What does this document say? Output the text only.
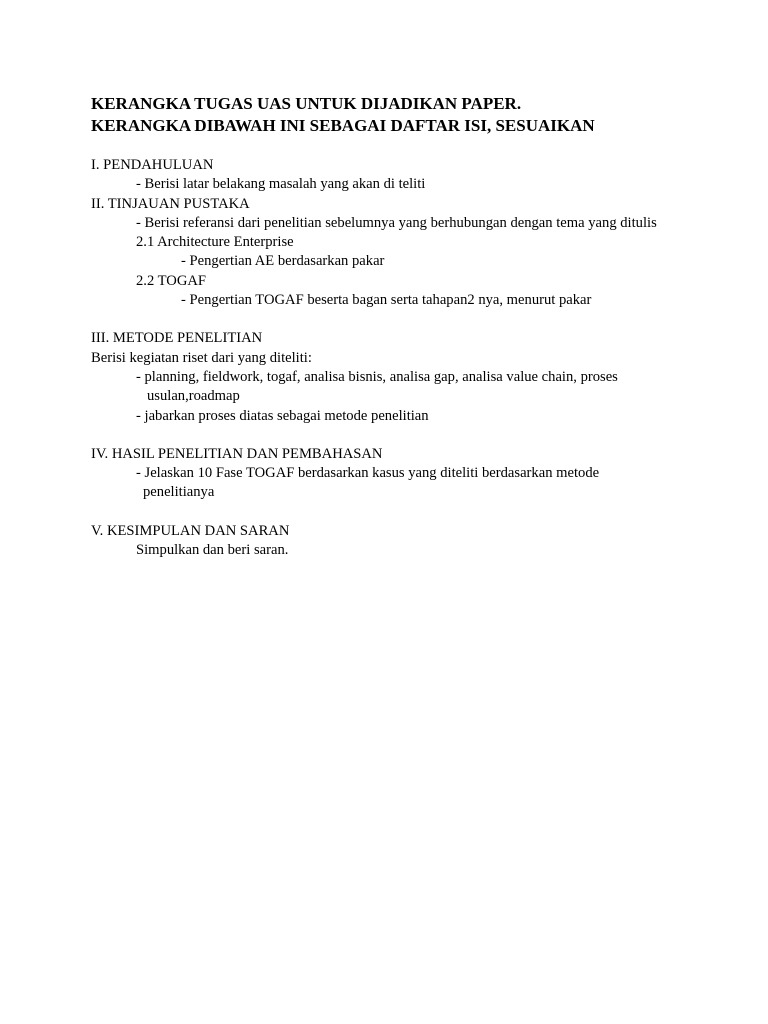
KERANGKA TUGAS UAS UNTUK DIJADIKAN PAPER.
KERANGKA DIBAWAH INI SEBAGAI DAFTAR ISI, SESUAIKAN
I. PENDAHULUAN
- Berisi latar belakang masalah yang akan di teliti
II. TINJAUAN PUSTAKA
- Berisi referansi dari penelitian sebelumnya yang berhubungan dengan tema yang ditulis
2.1 Architecture Enterprise
- Pengertian AE berdasarkan pakar
2.2 TOGAF
- Pengertian TOGAF beserta bagan serta tahapan2 nya, menurut pakar
III. METODE PENELITIAN
Berisi kegiatan riset dari yang diteliti:
- planning, fieldwork, togaf, analisa bisnis, analisa gap, analisa value chain, proses
usulan,roadmap
- jabarkan proses diatas sebagai metode penelitian
IV. HASIL PENELITIAN DAN PEMBAHASAN
- Jelaskan 10 Fase TOGAF berdasarkan kasus yang diteliti berdasarkan metode
penelitianya
V. KESIMPULAN DAN SARAN
Simpulkan dan beri saran.
